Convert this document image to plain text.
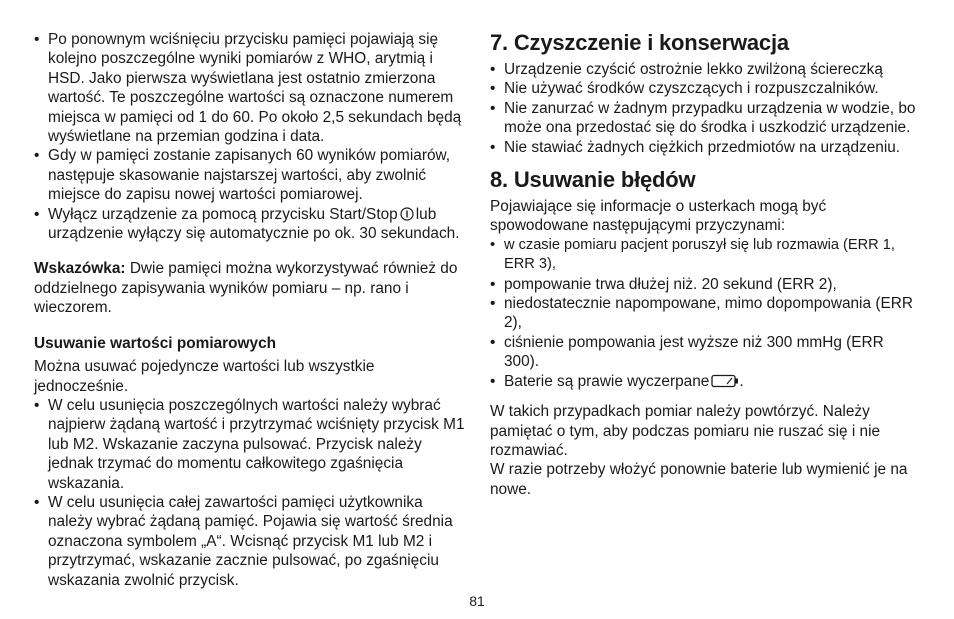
• Po ponownym wciśnięciu przycisku pamięci pojawiają się kolejno poszczególne wyniki pomiarów z WHO, arytmią i HSD. Jako pierwsza wyświetlana jest ostatnio zmierzona wartość. Te poszczególne wartości są oznaczone numerem miejsca w pamięci od 1 do 60. Po około 2,5 sekundach będą wyświetlane na przemian godzina i data.
• Gdy w pamięci zostanie zapisanych 60 wyników pomiarów, następuje skasowanie najstarszej wartości, aby zwolnić miejsce do zapisu nowej wartości pomiarowej.
• Wyłącz urządzenie za pomocą przycisku Start/Stop lub urządzenie wyłączy się automatycznie po ok. 30 sekundach.

Wskazówka: Dwie pamięci można wykorzystywać również do oddzielnego zapisywania wyników pomiaru – np. rano i wieczorem.

Usuwanie wartości pomiarowych

Można usuwać pojedyncze wartości lub wszystkie jednocześnie.

• W celu usunięcia poszczególnych wartości należy wybrać najpierw żądaną wartość i przytrzymać wciśnięty przycisk M1 lub M2. Wskazanie zaczyna pulsować. Przycisk należy jednak trzymać do momentu całkowitego zgaśnięcia wskazania.
• W celu usunięcia całej zawartości pamięci użytkownika należy wybrać żądaną pamięć. Pojawia się wartość średnia oznaczona symbolem „A“. Wcisnąć przycisk M1 lub M2 i przytrzymać, wskazanie zacznie pulsować, po zgaśnięciu wskazania zwolnić przycisk.
7. Czyszczenie i konserwacja
• Urządzenie czyścić ostrożnie lekko zwilżoną ściereczką
• Nie używać środków czyszczących i rozpuszczalników.
• Nie zanurzać w żadnym przypadku urządzenia w wodzie, bo może ona przedostać się do środka i uszkodzić urządzenie.
• Nie stawiać żadnych ciężkich przedmiotów na urządzeniu.
8. Usuwanie błędów

Pojawiające się informacje o usterkach mogą być spowodowane następującymi przyczynami:

• w czasie pomiaru pacjent poruszył się lub rozmawia (ERR 1, ERR 3),
• pompowanie trwa dłużej niż. 20 sekund (ERR 2),
• niedostatecznie napompowane, mimo dopompowania (ERR 2),
• ciśnienie pompowania jest wyższe niż 300 mmHg (ERR 300).
• Baterie są prawie wyczerpane .

W takich przypadkach pomiar należy powtórzyć. Należy pamiętać o tym, aby podczas pomiaru nie ruszać się i nie rozmawiać.

W razie potrzeby włożyć ponownie baterie lub wymienić je na nowe.

81
